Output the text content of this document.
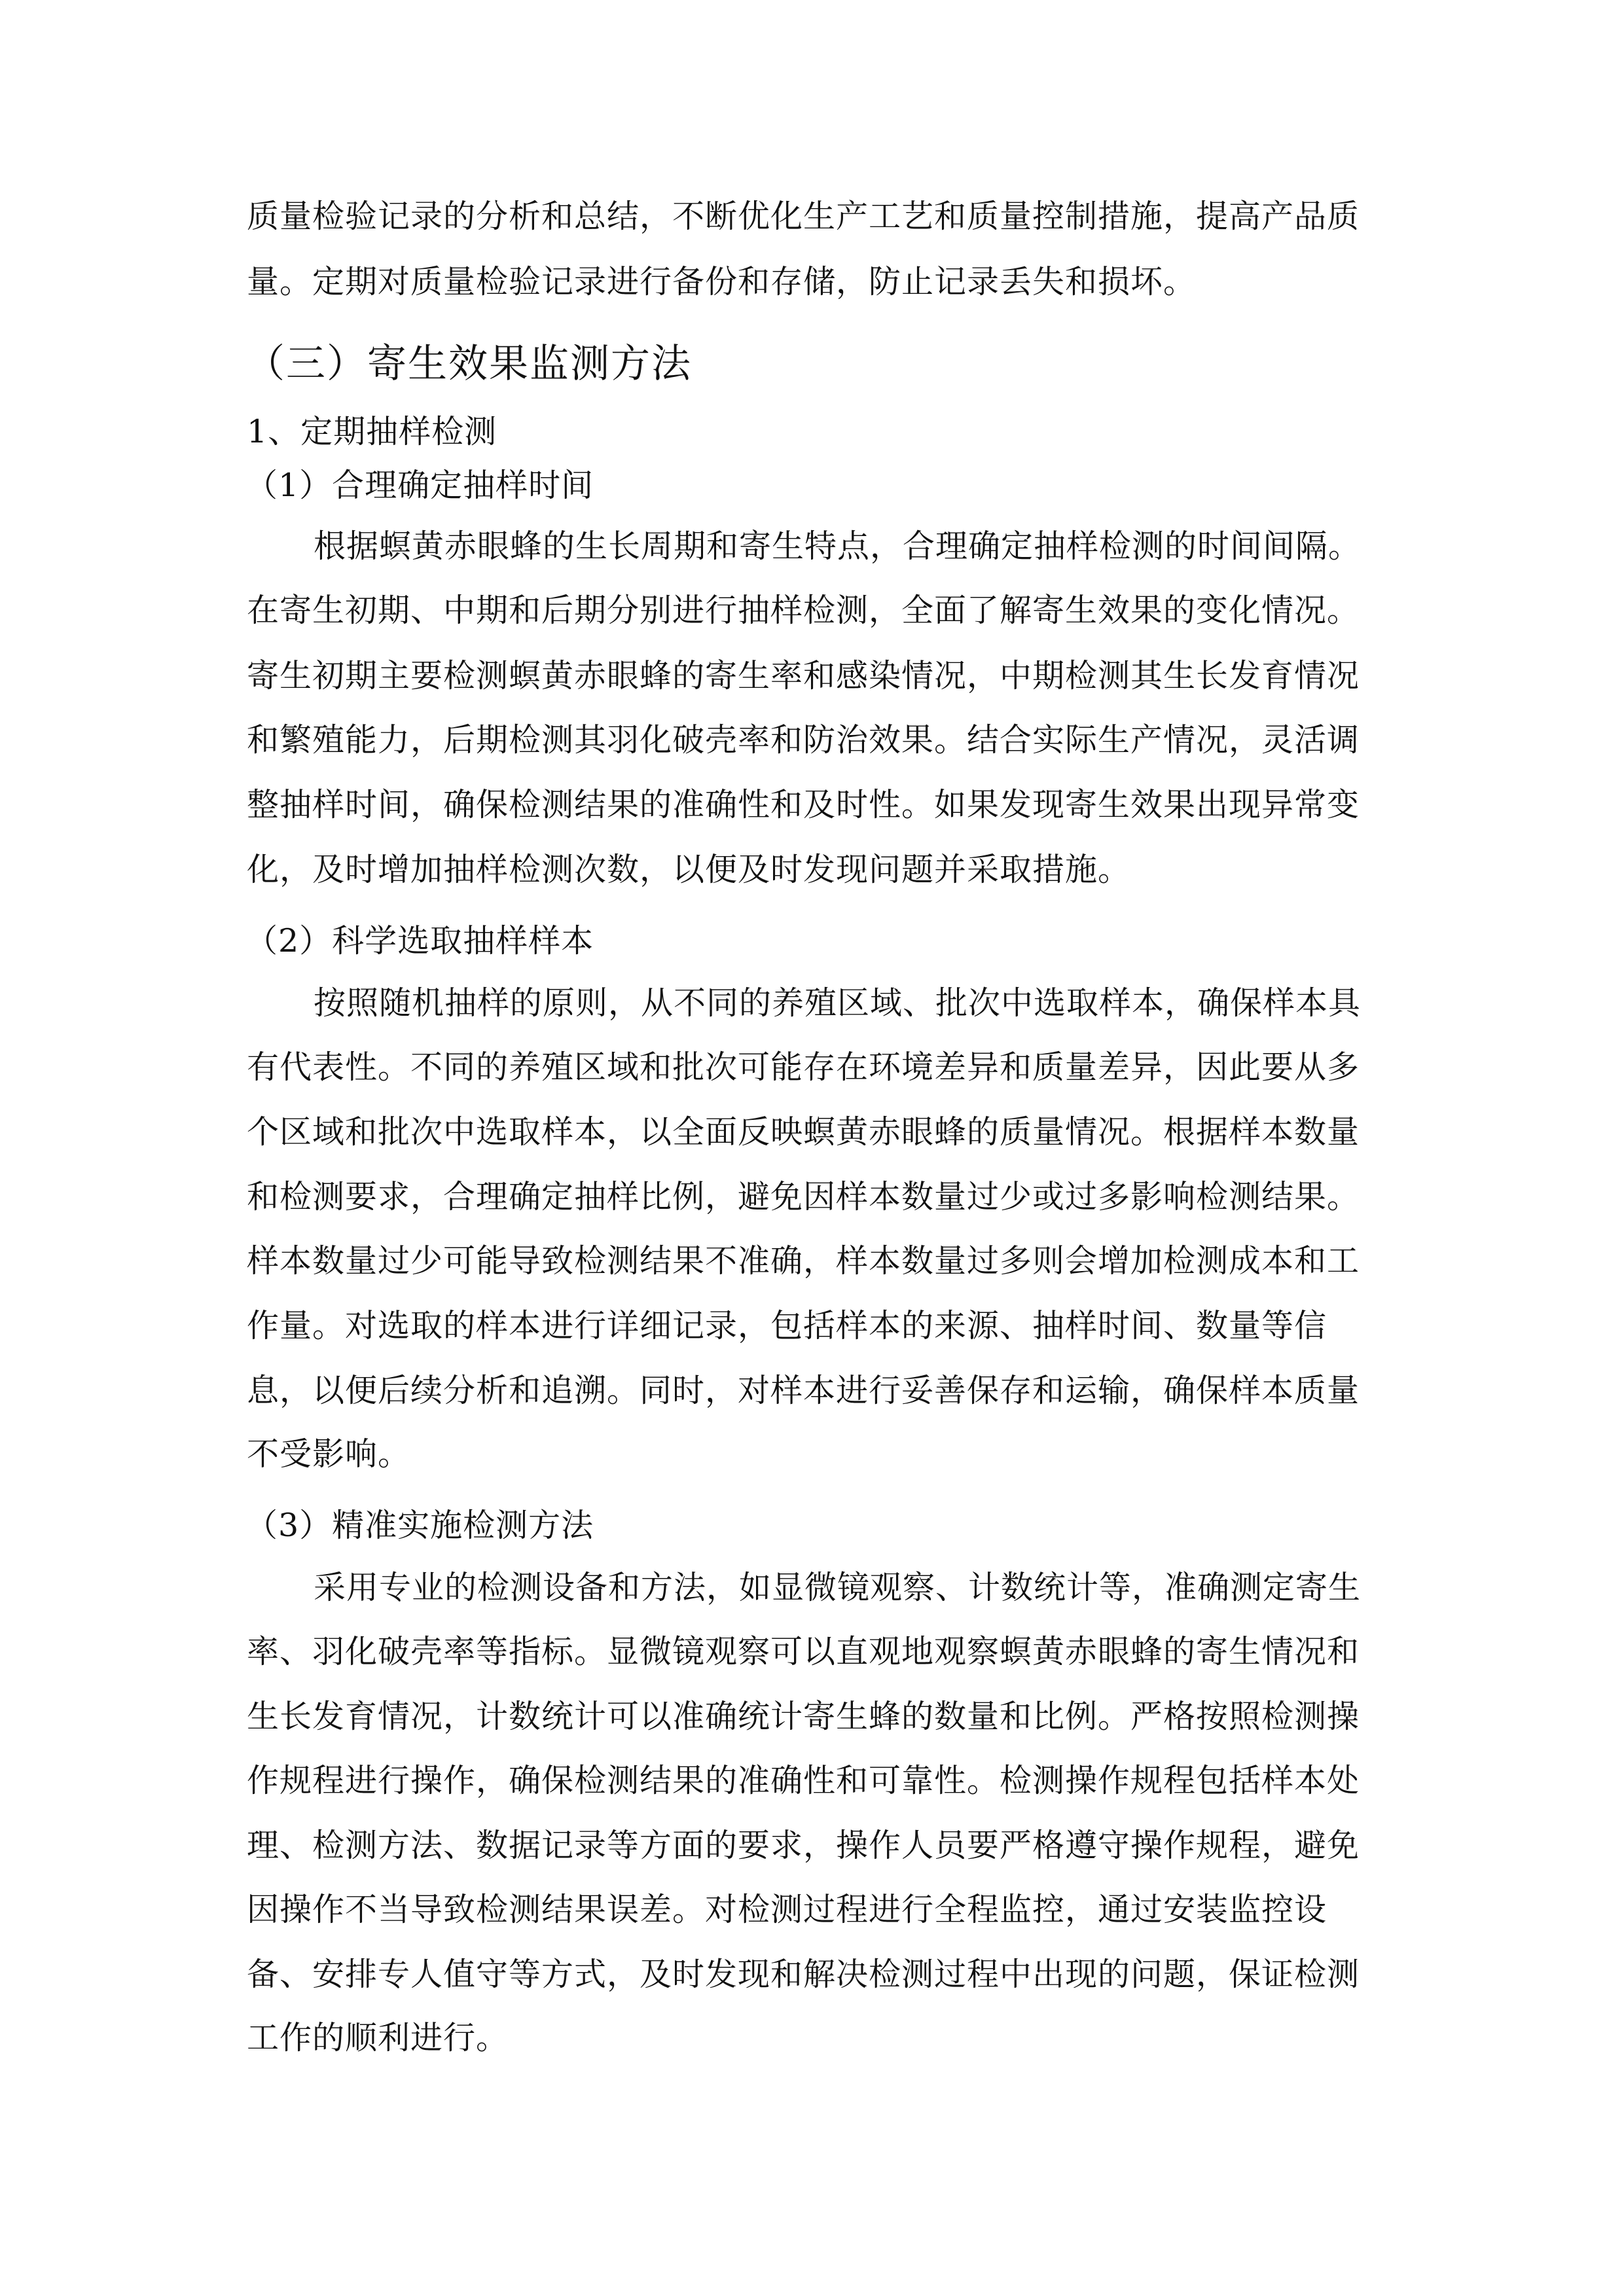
质量检验记录的分析和总结，不断优化生产工艺和质量控制措施，提高产品质
量。定期对质量检验记录进行备份和存储，防止记录丢失和损坏。
（三）寄生效果监测方法
1、定期抽样检测
（1）合理确定抽样时间
根据螟黄赤眼蜂的生长周期和寄生特点，合理确定抽样检测的时间间隔。
在寄生初期、中期和后期分别进行抽样检测，全面了解寄生效果的变化情况。
寄生初期主要检测螟黄赤眼蜂的寄生率和感染情况，中期检测其生长发育情况
和繁殖能力，后期检测其羽化破壳率和防治效果。结合实际生产情况，灵活调
整抽样时间，确保检测结果的准确性和及时性。如果发现寄生效果出现异常变
化，及时增加抽样检测次数，以便及时发现问题并采取措施。
（2）科学选取抽样样本
按照随机抽样的原则，从不同的养殖区域、批次中选取样本，确保样本具
有代表性。不同的养殖区域和批次可能存在环境差异和质量差异，因此要从多
个区域和批次中选取样本，以全面反映螟黄赤眼蜂的质量情况。根据样本数量
和检测要求，合理确定抽样比例，避免因样本数量过少或过多影响检测结果。
样本数量过少可能导致检测结果不准确，样本数量过多则会增加检测成本和工
作量。对选取的样本进行详细记录，包括样本的来源、抽样时间、数量等信
息，以便后续分析和追溯。同时，对样本进行妥善保存和运输，确保样本质量
不受影响。
（3）精准实施检测方法
采用专业的检测设备和方法，如显微镜观察、计数统计等，准确测定寄生
率、羽化破壳率等指标。显微镜观察可以直观地观察螟黄赤眼蜂的寄生情况和
生长发育情况，计数统计可以准确统计寄生蜂的数量和比例。严格按照检测操
作规程进行操作，确保检测结果的准确性和可靠性。检测操作规程包括样本处
理、检测方法、数据记录等方面的要求，操作人员要严格遵守操作规程，避免
因操作不当导致检测结果误差。对检测过程进行全程监控，通过安装监控设
备、安排专人值守等方式，及时发现和解决检测过程中出现的问题，保证检测
工作的顺利进行。
